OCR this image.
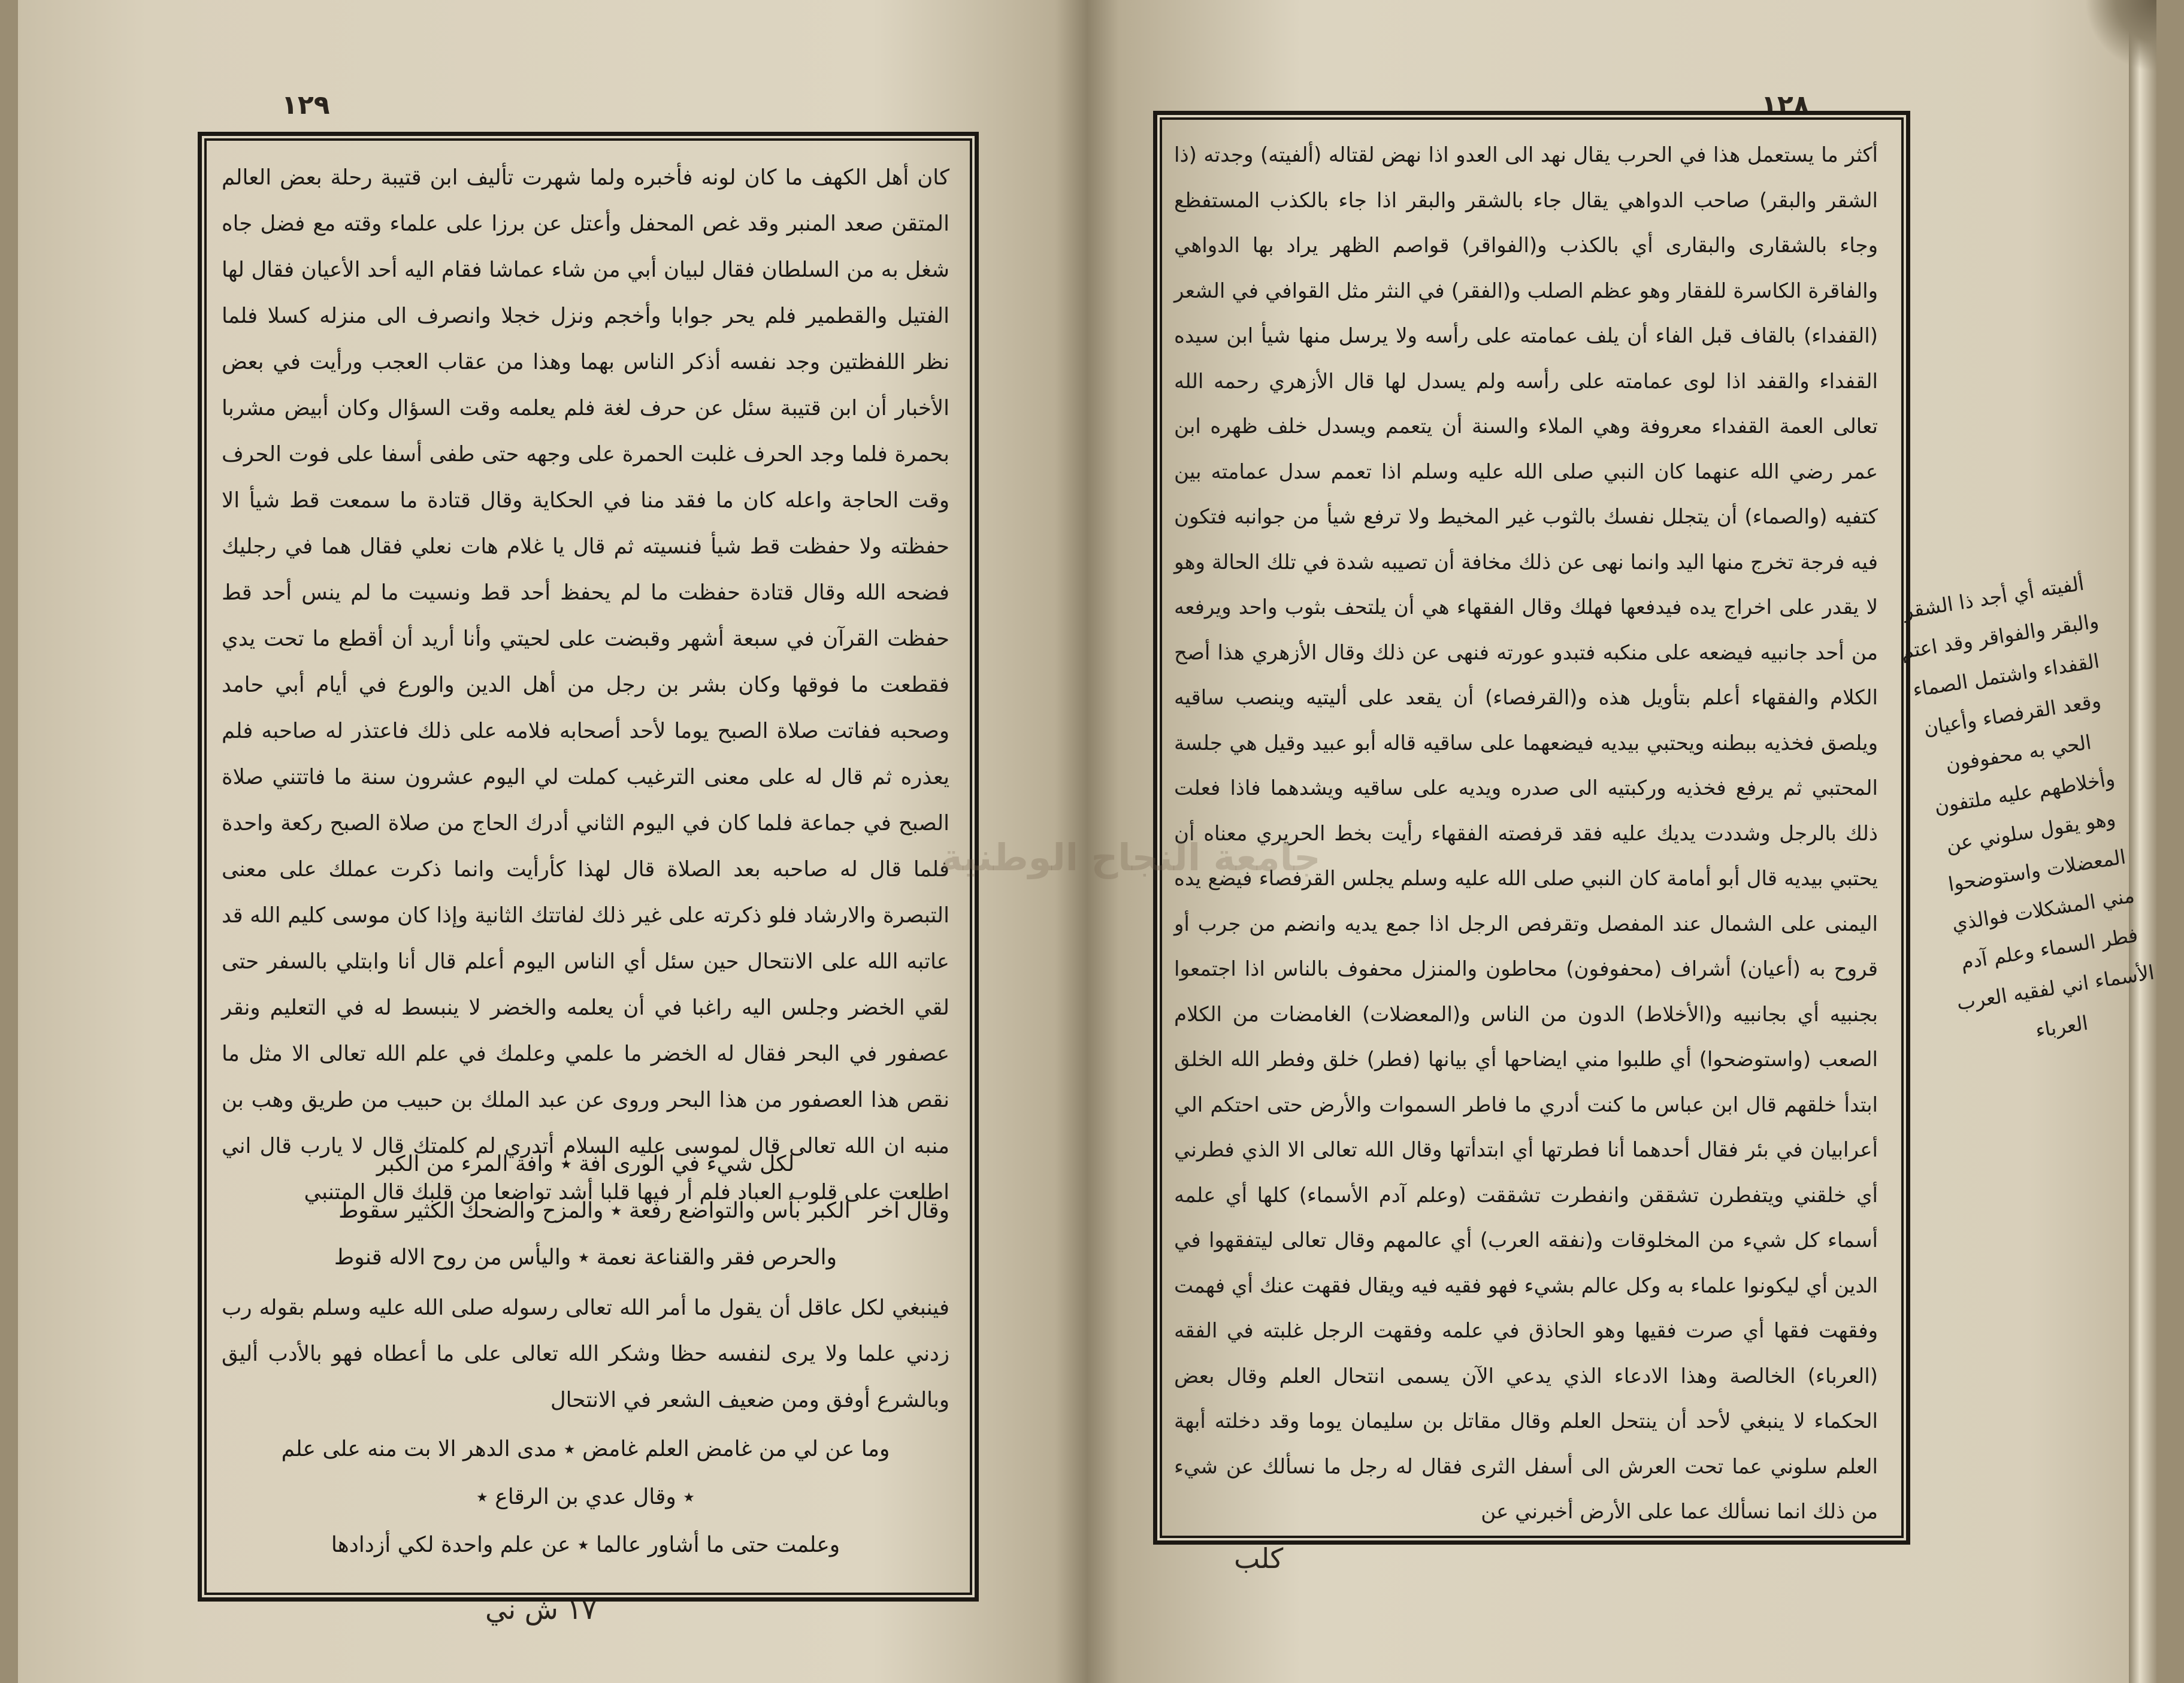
١٢٩

كان أهل الكهف ما كان لونه فأخبره ولما شهرت تأليف ابن قتيبة رحلة بعض العالم المتقن صعد المنبر وقد غص المحفل وأعتل عن برزا على علماء وقته مع فضل جاه شغل به من السلطان فقال لبيان أبي من شاء عماشا فقام اليه أحد الأعيان فقال لها الفتيل والقطمير فلم يحر جوابا وأخجم ونزل خجلا وانصرف الى منزله كسلا فلما نظر اللفظتين وجد نفسه أذكر الناس بهما وهذا من عقاب العجب ورأيت في بعض الأخبار أن ابن قتيبة سئل عن حرف لغة فلم يعلمه وقت السؤال وكان أبيض مشربا بحمرة فلما وجد الحرف غلبت الحمرة على وجهه حتى طفى أسفا على فوت الحرف وقت الحاجة واعله كان ما فقد منا في الحكاية وقال قتادة ما سمعت قط شيأ الا حفظته ولا حفظت قط شيأ فنسيته ثم قال يا غلام هات نعلي فقال هما في رجليك فضحه الله وقال قتادة حفظت ما لم يحفظ أحد قط ونسيت ما لم ينس أحد قط حفظت القرآن في سبعة أشهر وقبضت على لحيتي وأنا أريد أن أقطع ما تحت يدي فقطعت ما فوقها وكان بشر بن رجل من أهل الدين والورع في أيام أبي حامد وصحبه ففاتت صلاة الصبح يوما لأحد أصحابه فلامه على ذلك فاعتذر له صاحبه فلم يعذره ثم قال له على معنى الترغيب كملت لي اليوم عشرون سنة ما فاتتني صلاة الصبح في جماعة فلما كان في اليوم الثاني أدرك الحاج من صلاة الصبح ركعة واحدة فلما قال له صاحبه بعد الصلاة قال لهذا كأرأيت وانما ذكرت عملك على معنى التبصرة والارشاد فلو ذكرته على غير ذلك لفاتتك الثانية وإذا كان موسى كليم الله قد عاتبه الله على الانتحال حين سئل أي الناس اليوم أعلم قال أنا وابتلي بالسفر حتى لقي الخضر وجلس اليه راغبا في أن يعلمه والخضر لا ينبسط له في التعليم ونقر عصفور في البحر فقال له الخضر ما علمي وعلمك في علم الله تعالى الا مثل ما نقص هذا العصفور من هذا البحر وروى عن عبد الملك بن حبيب من طريق وهب بن منبه ان الله تعالى قال لموسى عليه السلام أتدري لم كلمتك قال لا يارب قال اني اطلعت على قلوب العباد فلم أر فيها قلبا أشد تواضعا من قلبك قال المتنبي

لكل شيء في الورى آفة ٭ وآفة المرء من الكبر
وقال آخر
الكبر بأس والتواضع رفعة ٭ والمزح والضحك الكثير سقوط
والحرص فقر والقناعة نعمة ٭ واليأس من روح الاله قنوط
فينبغي لكل عاقل أن يقول ما أمر الله تعالى رسوله صلى الله عليه وسلم بقوله رب زدني علما ولا يرى لنفسه حظا وشكر الله تعالى على ما أعطاه فهو بالأدب أليق وبالشرع أوفق ومن ضعيف الشعر في الانتحال
وما عن لي من غامض العلم غامض ٭ مدى الدهر الا بت منه على علم
٭ وقال عدي بن الرقاع ٭
وعلمت حتى ما أشاور عالما ٭ عن علم واحدة لكي أزدادها
١٧ ش ني
١٢٨

أكثر ما يستعمل هذا في الحرب يقال نهد الى العدو اذا نهض لقتاله (ألفيته) وجدته (ذا الشقر والبقر) صاحب الدواهي يقال جاء بالشقر والبقر اذا جاء بالكذب المستفظع وجاء بالشقارى والبقارى أي بالكذب و(الفواقر) قواصم الظهر يراد بها الدواهي والفاقرة الكاسرة للفقار وهو عظم الصلب و(الفقر) في النثر مثل القوافي في الشعر (القفداء) بالقاف قبل الفاء أن يلف عمامته على رأسه ولا يرسل منها شيأ ابن سيده القفداء والقفد اذا لوى عمامته على رأسه ولم يسدل لها قال الأزهري رحمه الله تعالى العمة القفداء معروفة وهي الملاء والسنة أن يتعمم ويسدل خلف ظهره ابن عمر رضي الله عنهما كان النبي صلى الله عليه وسلم اذا تعمم سدل عمامته بين كتفيه (والصماء) أن يتجلل نفسك بالثوب غير المخيط ولا ترفع شيأ من جوانبه فتكون فيه فرجة تخرج منها اليد وانما نهى عن ذلك مخافة أن تصيبه شدة في تلك الحالة وهو لا يقدر على اخراج يده فيدفعها فهلك وقال الفقهاء هي أن يلتحف بثوب واحد ويرفعه من أحد جانبيه فيضعه على منكبه فتبدو عورته فنهى عن ذلك وقال الأزهري هذا أصح الكلام والفقهاء أعلم بتأويل هذه و(القرفصاء) أن يقعد على أليتيه وينصب ساقيه ويلصق فخذيه ببطنه ويحتبي بيديه فيضعهما على ساقيه قاله أبو عبيد وقيل هي جلسة المحتبي ثم يرفع فخذيه وركبتيه الى صدره ويديه على ساقيه ويشدهما فاذا فعلت ذلك بالرجل وشددت يديك عليه فقد قرفصته الفقهاء رأيت بخط الحريري معناه أن يحتبي بيديه قال أبو أمامة كان النبي صلى الله عليه وسلم يجلس القرفصاء فيضع يده اليمنى على الشمال عند المفصل وتقرفص الرجل اذا جمع يديه وانضم من جرب أو قروح به (أعيان) أشراف (محفوفون) محاطون والمنزل محفوف بالناس اذا اجتمعوا بجنبيه أي بجانبيه و(الأخلاط) الدون من الناس و(المعضلات) الغامضات من الكلام الصعب (واستوضحوا) أي طلبوا مني ايضاحها أي بيانها (فطر) خلق وفطر الله الخلق ابتدأ خلقهم قال ابن عباس ما كنت أدري ما فاطر السموات والأرض حتى احتكم الي أعرابيان في بئر فقال أحدهما أنا فطرتها أي ابتدأتها وقال الله تعالى الا الذي فطرني أي خلقني ويتفطرن تشققن وانفطرت تشققت (وعلم آدم الأسماء) كلها أي علمه أسماء كل شيء من المخلوقات و(نفقه العرب) أي عالمهم وقال تعالى ليتفقهوا في الدين أي ليكونوا علماء به وكل عالم بشيء فهو فقيه فيه ويقال فقهت عنك أي فهمت وفقهت فقها أي صرت فقيها وهو الحاذق في علمه وفقهت الرجل غلبته في الفقه (العرباء) الخالصة وهذا الادعاء الذي يدعي الآن يسمى انتحال العلم وقال بعض الحكماء لا ينبغي لأحد أن ينتحل العلم وقال مقاتل بن سليمان يوما وقد دخلته أبهة العلم سلوني عما تحت العرش الى أسفل الثرى فقال له رجل ما نسألك عن شيء من ذلك انما نسألك عما على الأرض أخبرني عن

كلب
ألفيته أي أجد ذا الشقر والبقر والفواقر وقد اعتم القفداء واشتمل الصماء وقعد القرفصاء وأعيان الحي به محفوفون وأخلاطهم عليه ملتفون وهو يقول سلوني عن المعضلات واستوضحوا مني المشكلات فوالذي فطر السماء وعلم آدم الأسماء اني لفقيه العرب العرباء
جامعة النجاح الوطنية
